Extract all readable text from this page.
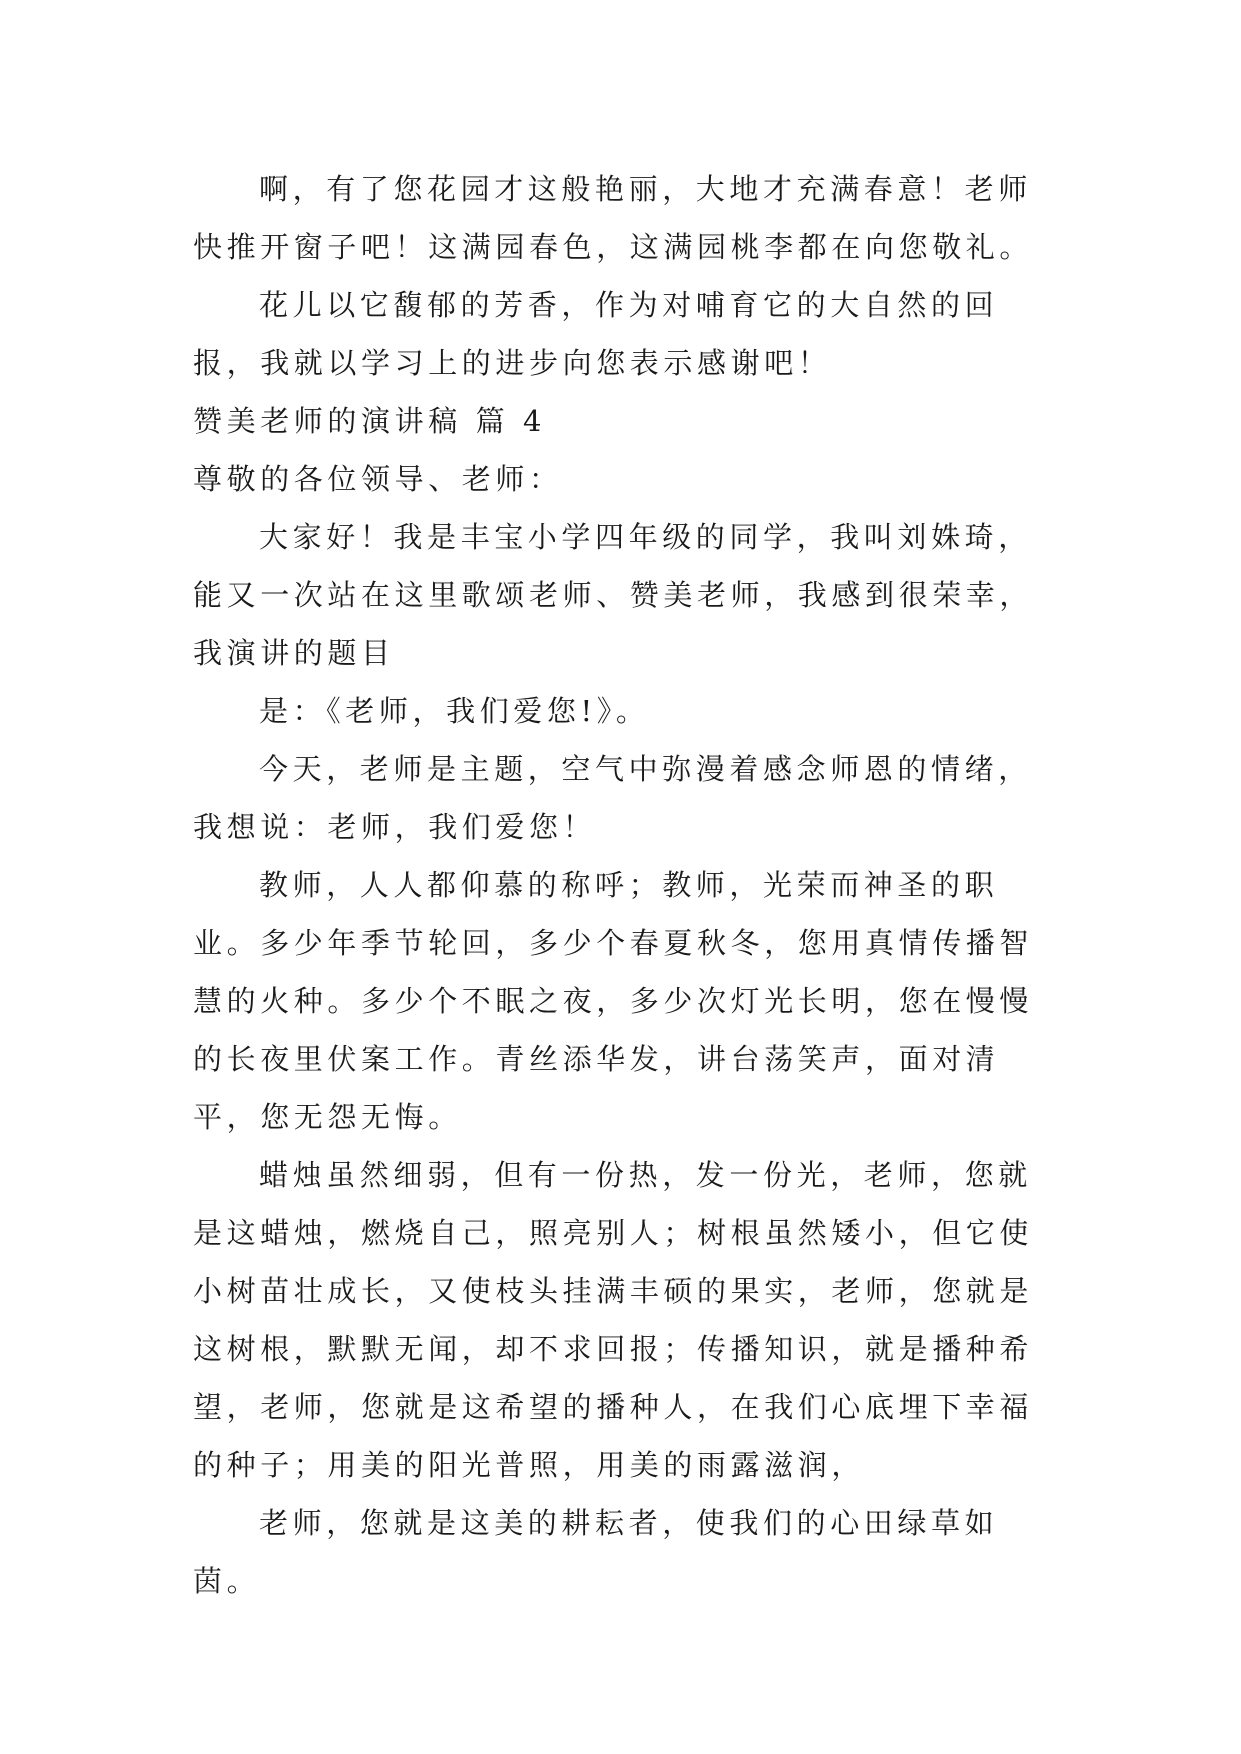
啊，有了您花园才这般艳丽，大地才充满春意！老师快推开窗子吧！这满园春色，这满园桃李都在向您敬礼。

花儿以它馥郁的芳香，作为对哺育它的大自然的回报，我就以学习上的进步向您表示感谢吧！

赞美老师的演讲稿 篇 4

尊敬的各位领导、老师：

大家好！我是丰宝小学四年级的同学，我叫刘姝琦，能又一次站在这里歌颂老师、赞美老师，我感到很荣幸，我演讲的题目

是：《老师，我们爱您!》。

今天，老师是主题，空气中弥漫着感念师恩的情绪，我想说：老师，我们爱您！

教师，人人都仰慕的称呼；教师，光荣而神圣的职业。多少年季节轮回，多少个春夏秋冬，您用真情传播智慧的火种。多少个不眠之夜，多少次灯光长明，您在慢慢的长夜里伏案工作。青丝添华发，讲台荡笑声，面对清平，您无怨无悔。

蜡烛虽然细弱，但有一份热，发一份光，老师，您就是这蜡烛，燃烧自己，照亮别人；树根虽然矮小，但它使小树苗壮成长，又使枝头挂满丰硕的果实，老师，您就是这树根，默默无闻，却不求回报；传播知识，就是播种希望，老师，您就是这希望的播种人，在我们心底埋下幸福的种子；用美的阳光普照，用美的雨露滋润，

老师，您就是这美的耕耘者，使我们的心田绿草如茵。
